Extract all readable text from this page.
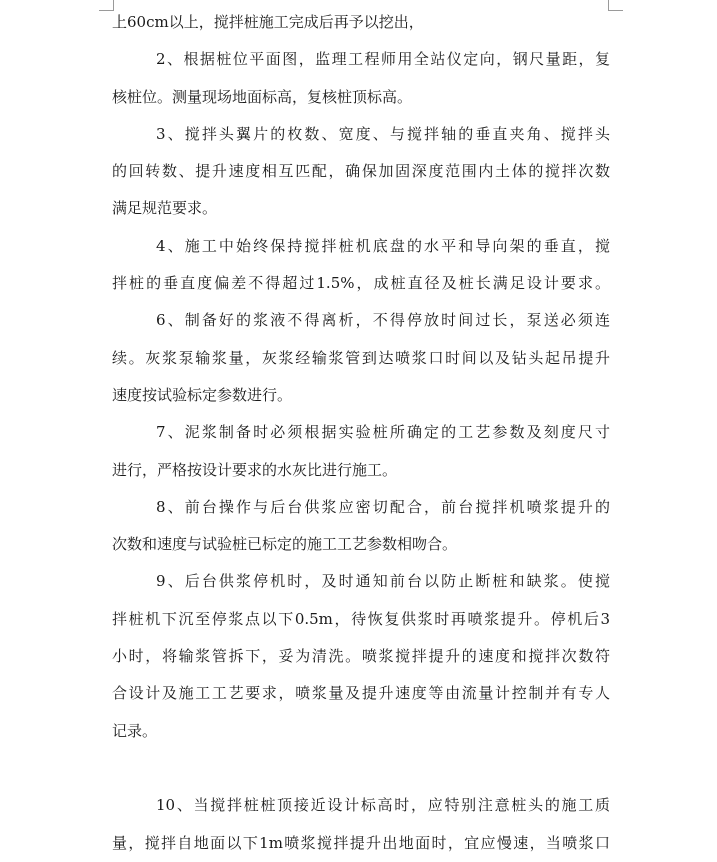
上60cm以上，搅拌桩施工完成后再予以挖出，
2、根据桩位平面图，监理工程师用全站仪定向，钢尺量距，复
核桩位。测量现场地面标高，复核桩顶标高。
3、搅拌头翼片的枚数、宽度、与搅拌轴的垂直夹角、搅拌头
的回转数、提升速度相互匹配，确保加固深度范围内土体的搅拌次数
满足规范要求。
4、施工中始终保持搅拌桩机底盘的水平和导向架的垂直，搅
拌桩的垂直度偏差不得超过1.5%，成桩直径及桩长满足设计要求。
6、制备好的浆液不得离析，不得停放时间过长，泵送必须连
续。灰浆泵输浆量，灰浆经输浆管到达喷浆口时间以及钻头起吊提升
速度按试验标定参数进行。
7、泥浆制备时必须根据实验桩所确定的工艺参数及刻度尺寸
进行，严格按设计要求的水灰比进行施工。
8、前台操作与后台供浆应密切配合，前台搅拌机喷浆提升的
次数和速度与试验桩已标定的施工工艺参数相吻合。
9、后台供浆停机时，及时通知前台以防止断桩和缺浆。使搅
拌桩机下沉至停浆点以下0.5m，待恢复供浆时再喷浆提升。停机后3
小时，将输浆管拆下，妥为清洗。喷浆搅拌提升的速度和搅拌次数符
合设计及施工工艺要求，喷浆量及提升速度等由流量计控制并有专人
记录。
10、当搅拌桩桩顶接近设计标高时，应特别注意桩头的施工质
量，搅拌自地面以下1m喷浆搅拌提升出地面时，宜应慢速，当喷浆口
